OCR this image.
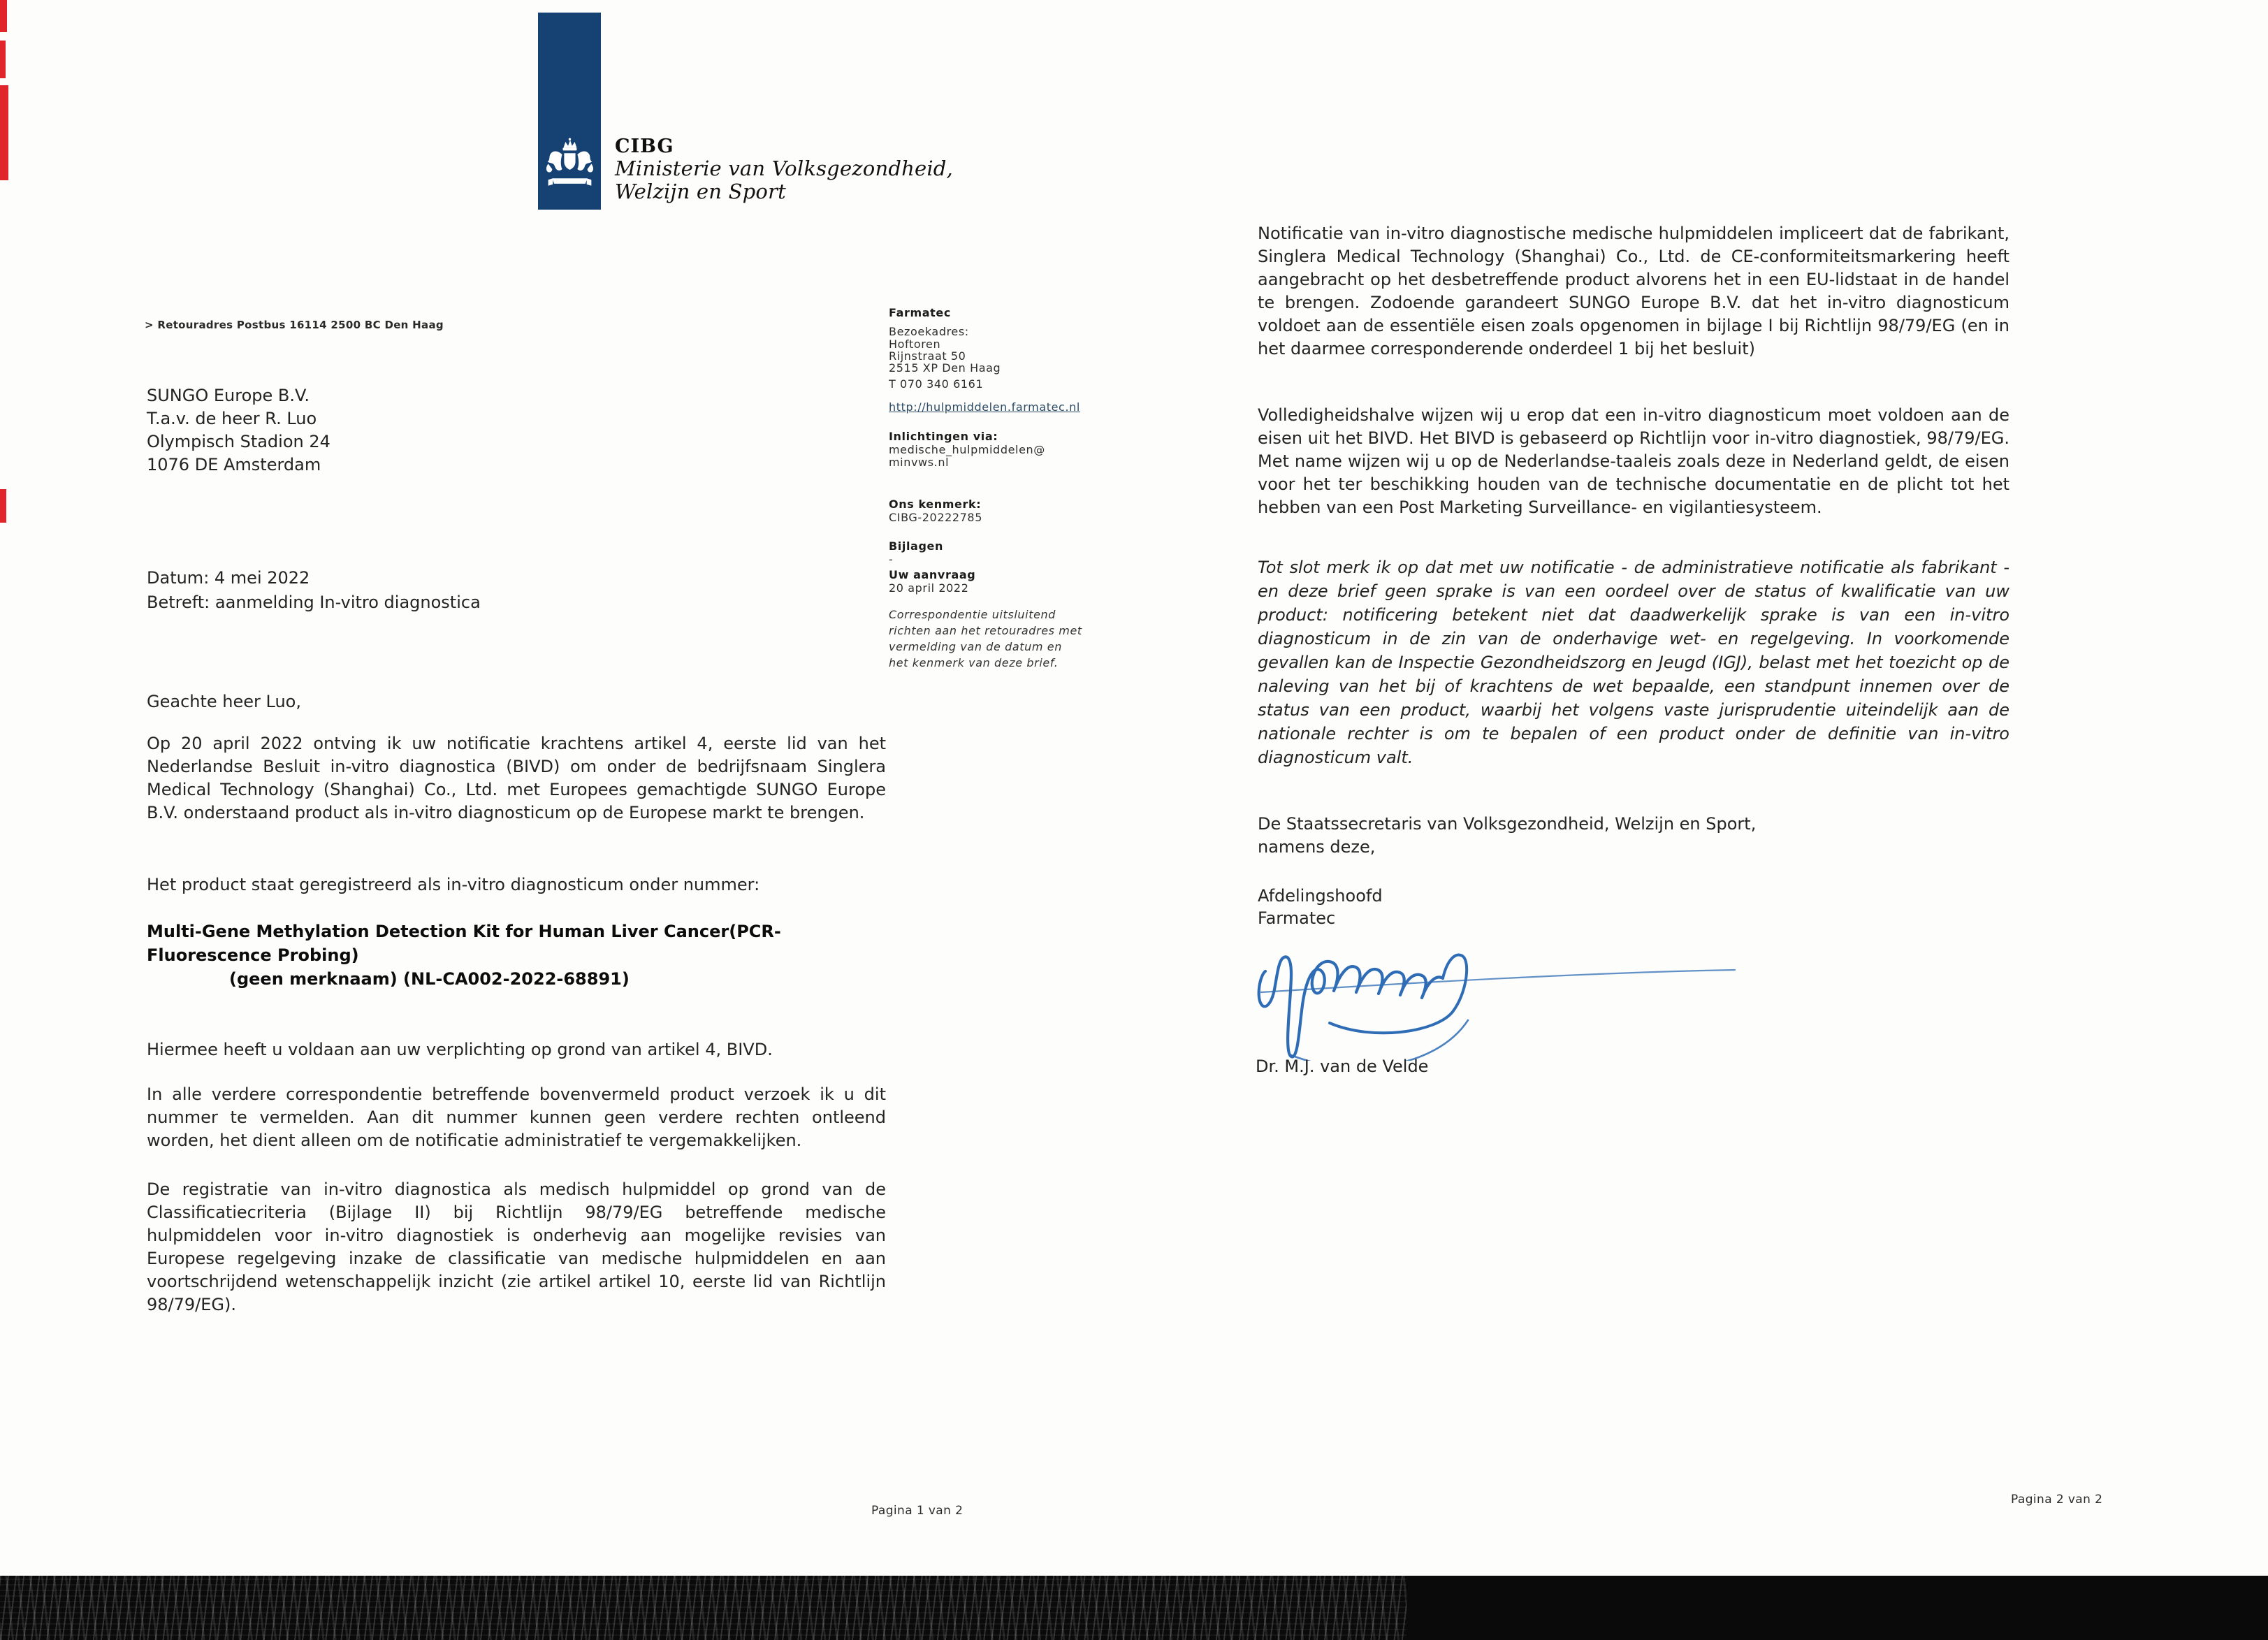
CIBG
Ministerie van Volksgezondheid,
Welzijn en Sport
> Retouradres Postbus 16114 2500 BC Den Haag
SUNGO Europe B.V.
T.a.v. de heer R. Luo
Olympisch Stadion 24
1076 DE Amsterdam
Datum: 4 mei 2022
Betreft: aanmelding In-vitro diagnostica
Geachte heer Luo,
Op 20 april 2022 ontving ik uw notificatie krachtens artikel 4, eerste lid van het Nederlandse Besluit in-vitro diagnostica (BIVD) om onder de bedrijfsnaam Singlera Medical Technology (Shanghai) Co., Ltd. met Europees gemachtigde SUNGO Europe B.V. onderstaand product als in-vitro diagnosticum op de Europese markt te brengen.
Het product staat geregistreerd als in-vitro diagnosticum onder nummer:
Multi-Gene Methylation Detection Kit for Human Liver Cancer(PCR-
Fluorescence Probing)
(geen merknaam) (NL-CA002-2022-68891)
Hiermee heeft u voldaan aan uw verplichting op grond van artikel 4, BIVD.
In alle verdere correspondentie betreffende bovenvermeld product verzoek ik u dit nummer te vermelden. Aan dit nummer kunnen geen verdere rechten ontleend worden, het dient alleen om de notificatie administratief te vergemakkelijken.
De registratie van in-vitro diagnostica als medisch hulpmiddel op grond van de Classificatiecriteria (Bijlage II) bij Richtlijn 98/79/EG betreffende medische hulpmiddelen voor in-vitro diagnostiek is onderhevig aan mogelijke revisies van Europese regelgeving inzake de classificatie van medische hulpmiddelen en aan voortschrijdend wetenschappelijk inzicht (zie artikel artikel 10, eerste lid van Richtlijn 98/79/EG).
Pagina 1 van 2
Farmatec
Bezoekadres:
Hoftoren
Rijnstraat 50
2515 XP Den Haag
T 070 340 6161
http://hulpmiddelen.farmatec.nl
Inlichtingen via:
medische_hulpmiddelen@
minvws.nl
Ons kenmerk:
CIBG-20222785
Bijlagen
-
Uw aanvraag
20 april 2022
Correspondentie uitsluitend
richten aan het retouradres met
vermelding van de datum en
het kenmerk van deze brief.
Notificatie van in-vitro diagnostische medische hulpmiddelen impliceert dat de fabrikant, Singlera Medical Technology (Shanghai) Co., Ltd. de CE-conformiteitsmarkering heeft aangebracht op het desbetreffende product alvorens het in een EU-lidstaat in de handel te brengen. Zodoende garandeert SUNGO Europe B.V. dat het in-vitro diagnosticum voldoet aan de essentiële eisen zoals opgenomen in bijlage I bij Richtlijn 98/79/EG (en in het daarmee corresponderende onderdeel 1 bij het besluit)
Volledigheidshalve wijzen wij u erop dat een in-vitro diagnosticum moet voldoen aan de eisen uit het BIVD. Het BIVD is gebaseerd op Richtlijn voor in-vitro diagnostiek, 98/79/EG. Met name wijzen wij u op de Nederlandse-taaleis zoals deze in Nederland geldt, de eisen voor het ter beschikking houden van de technische documentatie en de plicht tot het hebben van een Post Marketing Surveillance- en vigilantiesysteem.
Tot slot merk ik op dat met uw notificatie - de administratieve notificatie als fabrikant - en deze brief geen sprake is van een oordeel over de status of kwalificatie van uw product: notificering betekent niet dat daadwerkelijk sprake is van een in-vitro diagnosticum in de zin van de onderhavige wet- en regelgeving. In voorkomende gevallen kan de Inspectie Gezondheidszorg en Jeugd (IGJ), belast met het toezicht op de naleving van het bij of krachtens de wet bepaalde, een standpunt innemen over de status van een product, waarbij het volgens vaste jurisprudentie uiteindelijk aan de nationale rechter is om te bepalen of een product onder de definitie van in-vitro diagnosticum valt.
De Staatssecretaris van Volksgezondheid, Welzijn en Sport,
namens deze,
Afdelingshoofd
Farmatec
Dr. M.J. van de Velde
Pagina 2 van 2
